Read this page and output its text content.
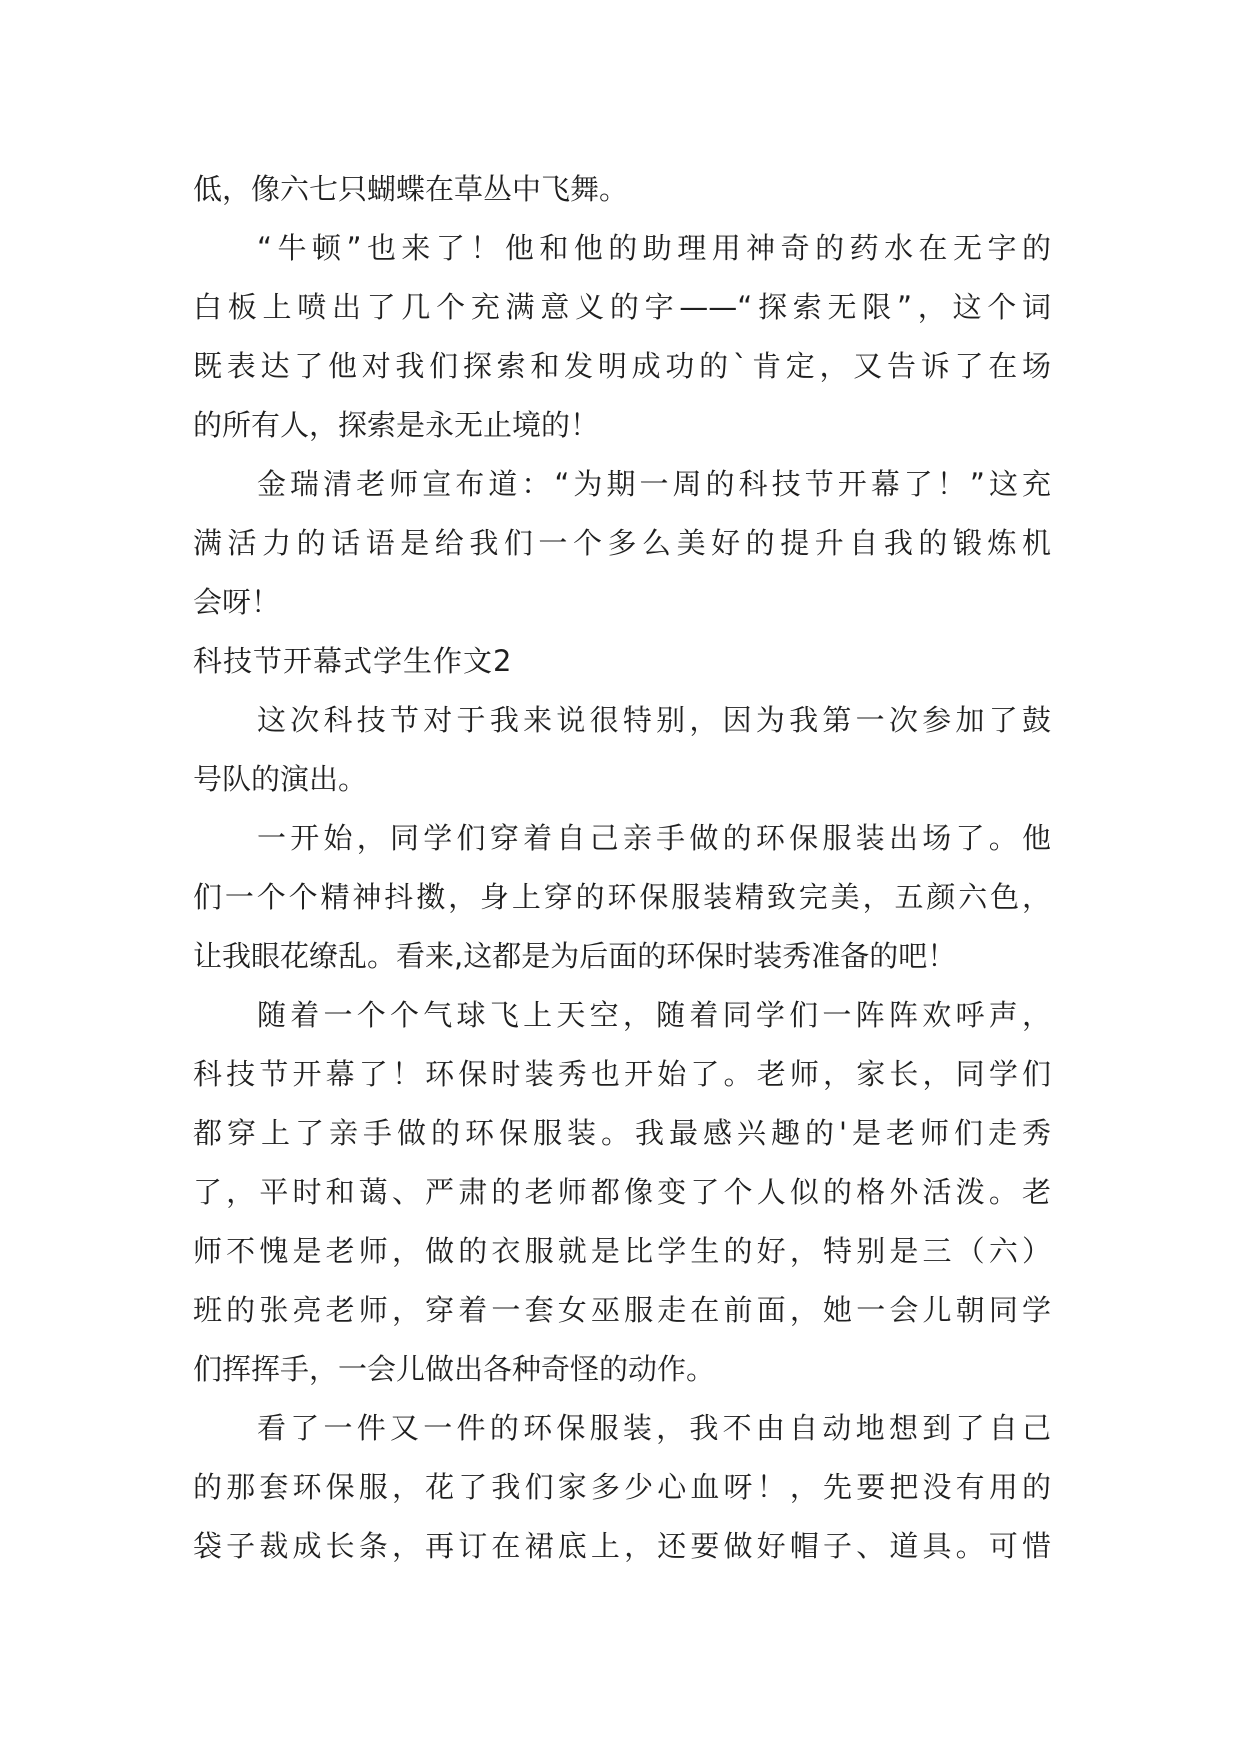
低，像六七只蝴蝶在草丛中飞舞。
“牛顿”也来了！他和他的助理用神奇的药水在无字的
白板上喷出了几个充满意义的字——“探索无限”，这个词
既表达了他对我们探索和发明成功的`肯定，又告诉了在场
的所有人，探索是永无止境的！
金瑞清老师宣布道：“为期一周的科技节开幕了！”这充
满活力的话语是给我们一个多么美好的提升自我的锻炼机
会呀！
科技节开幕式学生作文2
这次科技节对于我来说很特别，因为我第一次参加了鼓
号队的演出。
一开始，同学们穿着自己亲手做的环保服装出场了。他
们一个个精神抖擞，身上穿的环保服装精致完美，五颜六色，
让我眼花缭乱。看来,这都是为后面的环保时装秀准备的吧！
随着一个个气球飞上天空，随着同学们一阵阵欢呼声，
科技节开幕了！环保时装秀也开始了。老师，家长，同学们
都穿上了亲手做的环保服装。我最感兴趣的'是老师们走秀
了，平时和蔼、严肃的老师都像变了个人似的格外活泼。老
师不愧是老师，做的衣服就是比学生的好，特别是三（六）
班的张亮老师，穿着一套女巫服走在前面，她一会儿朝同学
们挥挥手，一会儿做出各种奇怪的动作。
看了一件又一件的环保服装，我不由自动地想到了自己
的那套环保服，花了我们家多少心血呀！，先要把没有用的
袋子裁成长条，再订在裙底上，还要做好帽子、道具。可惜
